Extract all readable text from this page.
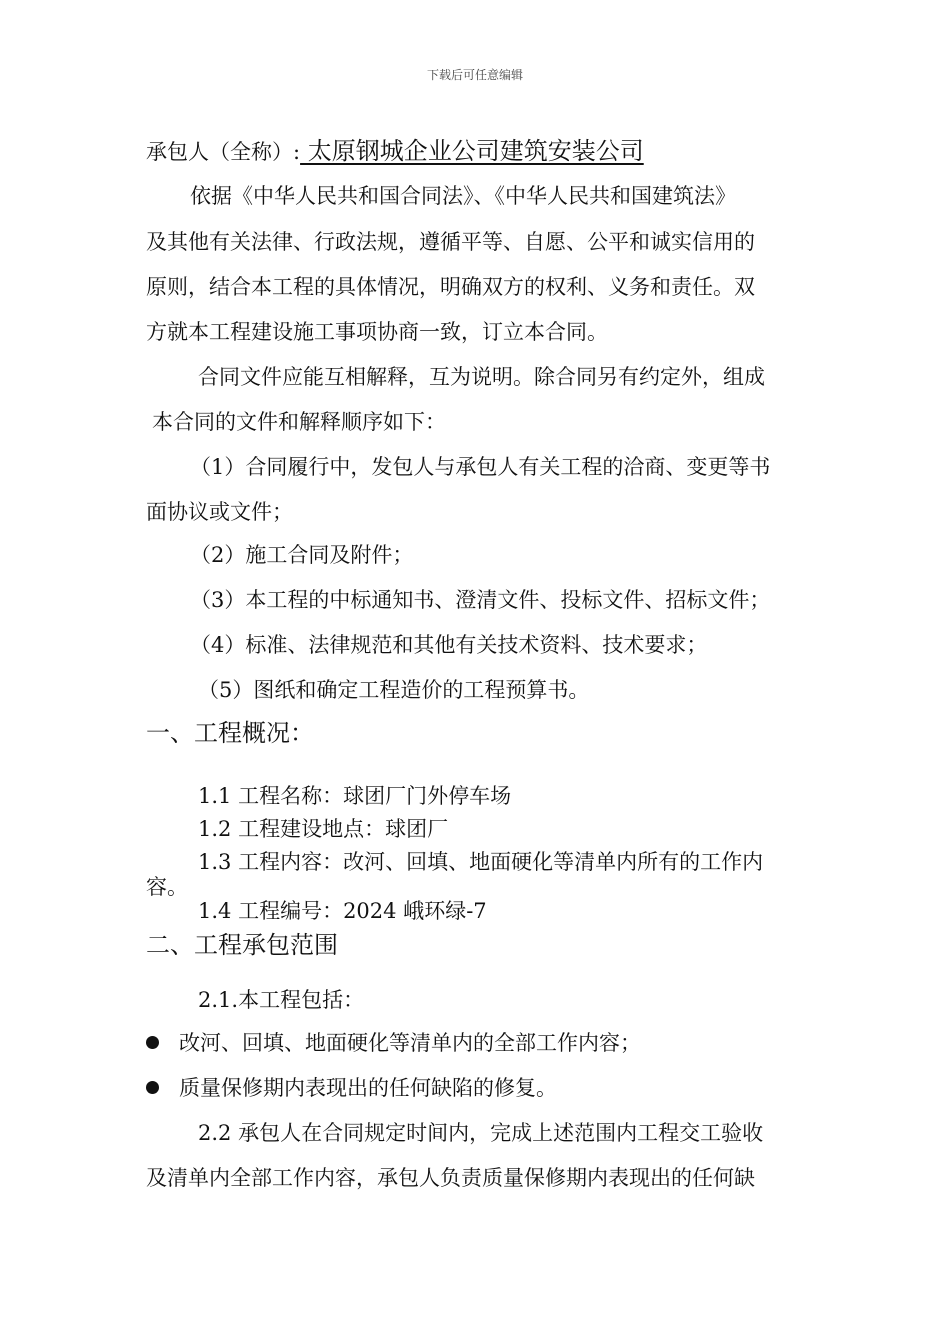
下载后可任意编辑
承包人（全称）: 太原钢城企业公司建筑安装公司
依据《中华人民共和国合同法》、《中华人民共和国建筑法》
及其他有关法律、行政法规，遵循平等、自愿、公平和诚实信用的
原则，结合本工程的具体情况，明确双方的权利、义务和责任。双
方就本工程建设施工事项协商一致，订立本合同。
合同文件应能互相解释，互为说明。除合同另有约定外，组成
本合同的文件和解释顺序如下：
（1）合同履行中，发包人与承包人有关工程的洽商、变更等书
面协议或文件；
（2）施工合同及附件；
（3）本工程的中标通知书、澄清文件、投标文件、招标文件；
（4）标准、法律规范和其他有关技术资料、技术要求；
（5）图纸和确定工程造价的工程预算书。
一、工程概况：
1.1 工程名称：球团厂门外停车场
1.2 工程建设地点：球团厂
1.3 工程内容：改河、回填、地面硬化等清单内所有的工作内
容。
1.4 工程编号：2024 峨环绿-7
二、工程承包范围
2.1.本工程包括：
改河、回填、地面硬化等清单内的全部工作内容；
质量保修期内表现出的任何缺陷的修复。
2.2 承包人在合同规定时间内，完成上述范围内工程交工验收
及清单内全部工作内容，承包人负责质量保修期内表现出的任何缺
